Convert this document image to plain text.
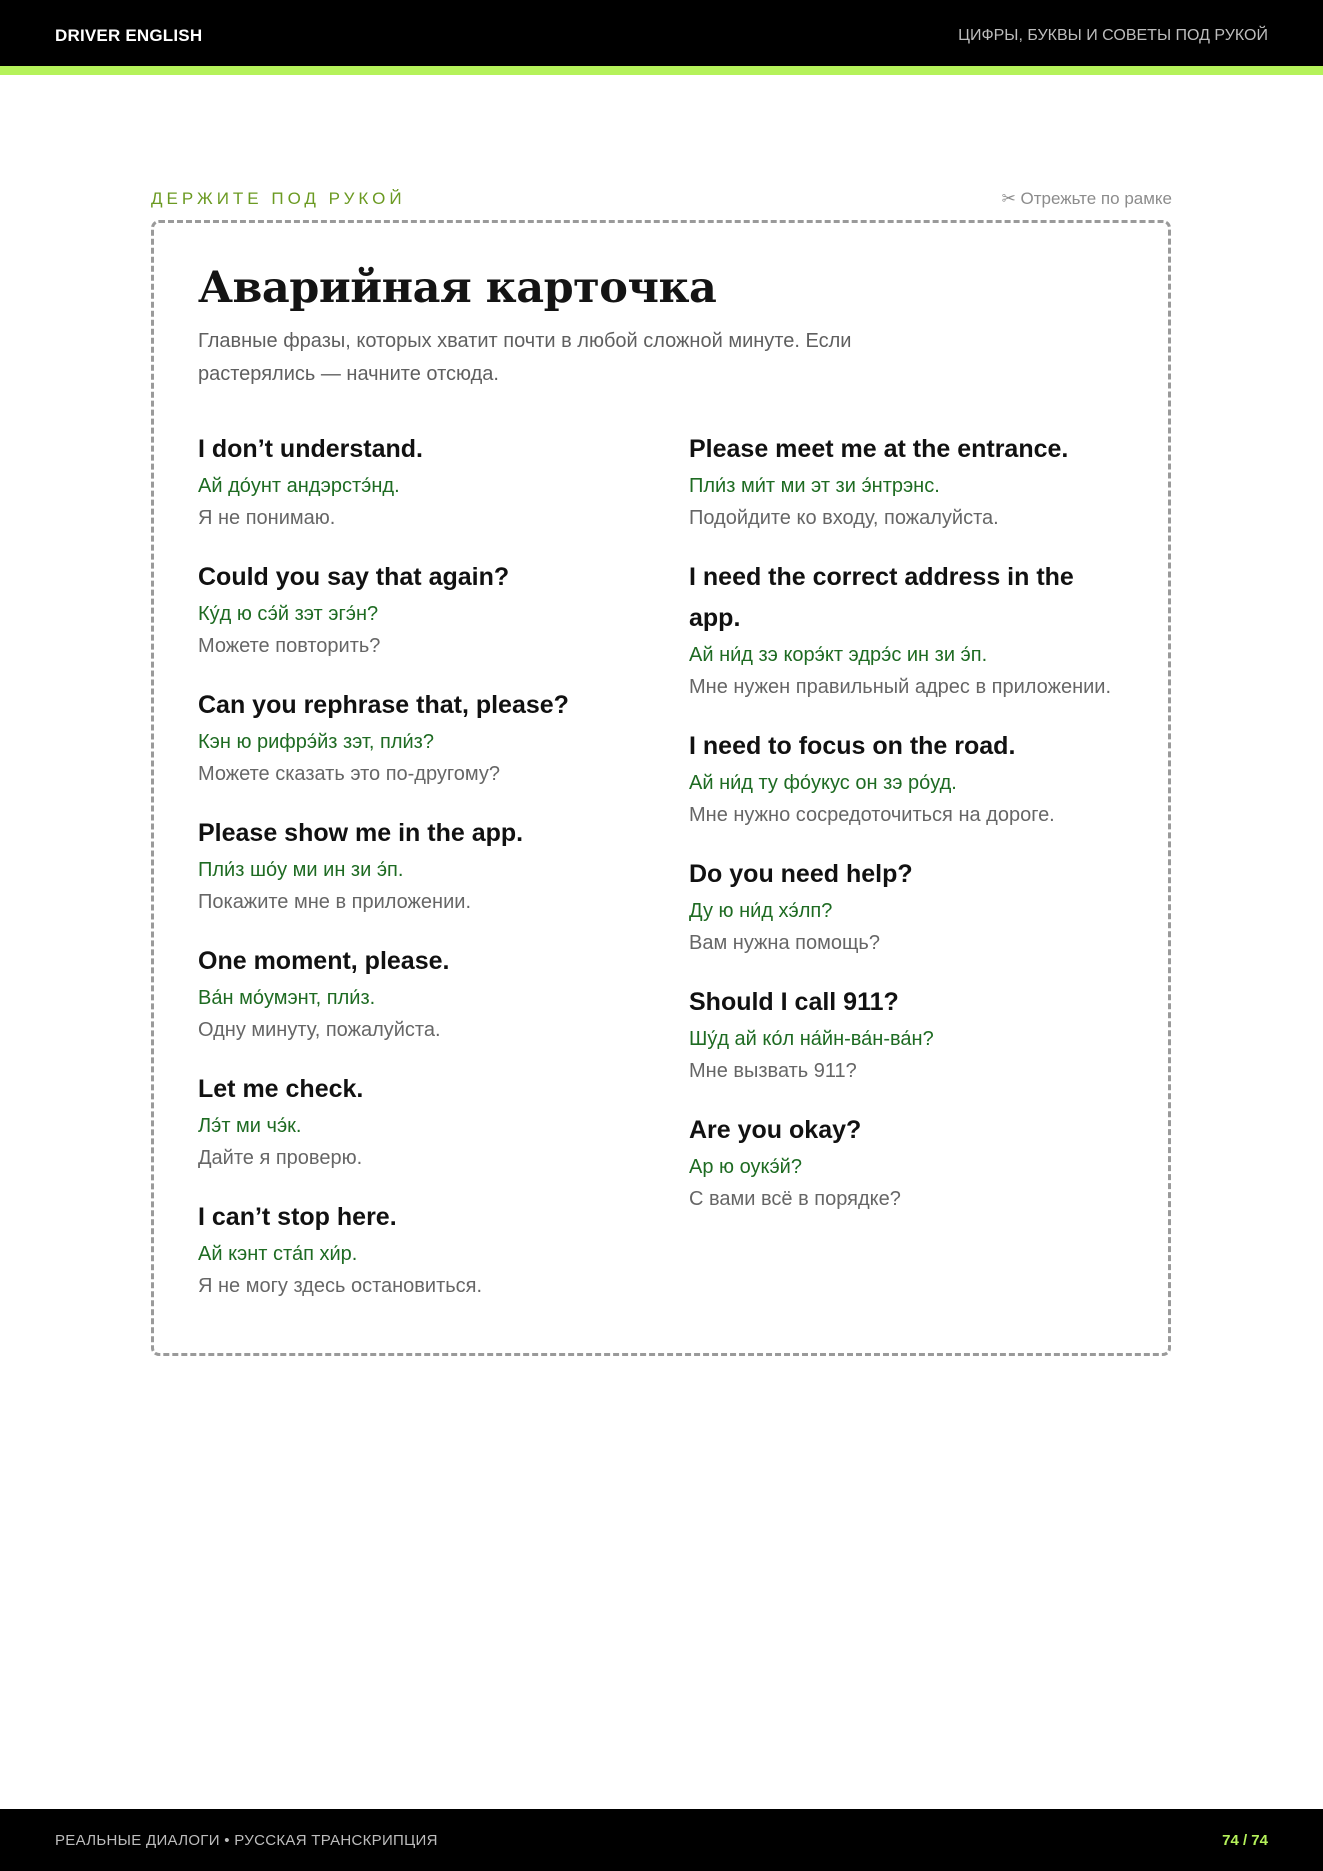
DRIVER ENGLISH	ЦИФРЫ, БУКВЫ И СОВЕТЫ ПОД РУКОЙ
ДЕРЖИТЕ ПОД РУКОЙ	✂ Отрежьте по рамке
Аварийная карточка

Главные фразы, которых хватит почти в любой сложной минуте. Если растерялись — начните отсюда.

I don’t understand.
Ай до́унт андэрстэ́нд.
Я не понимаю.
Could you say that again?
Ку́д ю сэ́й зэт эгэ́н?
Можете повторить?
Can you rephrase that, please?
Кэн ю рифрэ́йз зэт, пли́з?
Можете сказать это по-другому?
Please show me in the app.
Пли́з шо́у ми ин зи э́п.
Покажите мне в приложении.
One moment, please.
Ва́н мо́умэнт, пли́з.
Одну минуту, пожалуйста.
Let me check.
Лэ́т ми чэ́к.
Дайте я проверю.
I can’t stop here.
Ай кэнт ста́п хи́р.
Я не могу здесь остановиться.
Please meet me at the entrance.
Пли́з ми́т ми эт зи э́нтрэнс.
Подойдите ко входу, пожалуйста.
I need the correct address in the app.
Ай ни́д зэ корэ́кт эдрэ́с ин зи э́п.
Мне нужен правильный адрес в приложении.
I need to focus on the road.
Ай ни́д ту фо́укус он зэ ро́уд.
Мне нужно сосредоточиться на дороге.
Do you need help?
Ду ю ни́д хэ́лп?
Вам нужна помощь?
Should I call 911?
Шу́д ай ко́л на́йн-ва́н-ва́н?
Мне вызвать 911?
Are you okay?
Ар ю оукэ́й?
С вами всё в порядке?
РЕАЛЬНЫЕ ДИАЛОГИ • РУССКАЯ ТРАНСКРИПЦИЯ	74 / 74
